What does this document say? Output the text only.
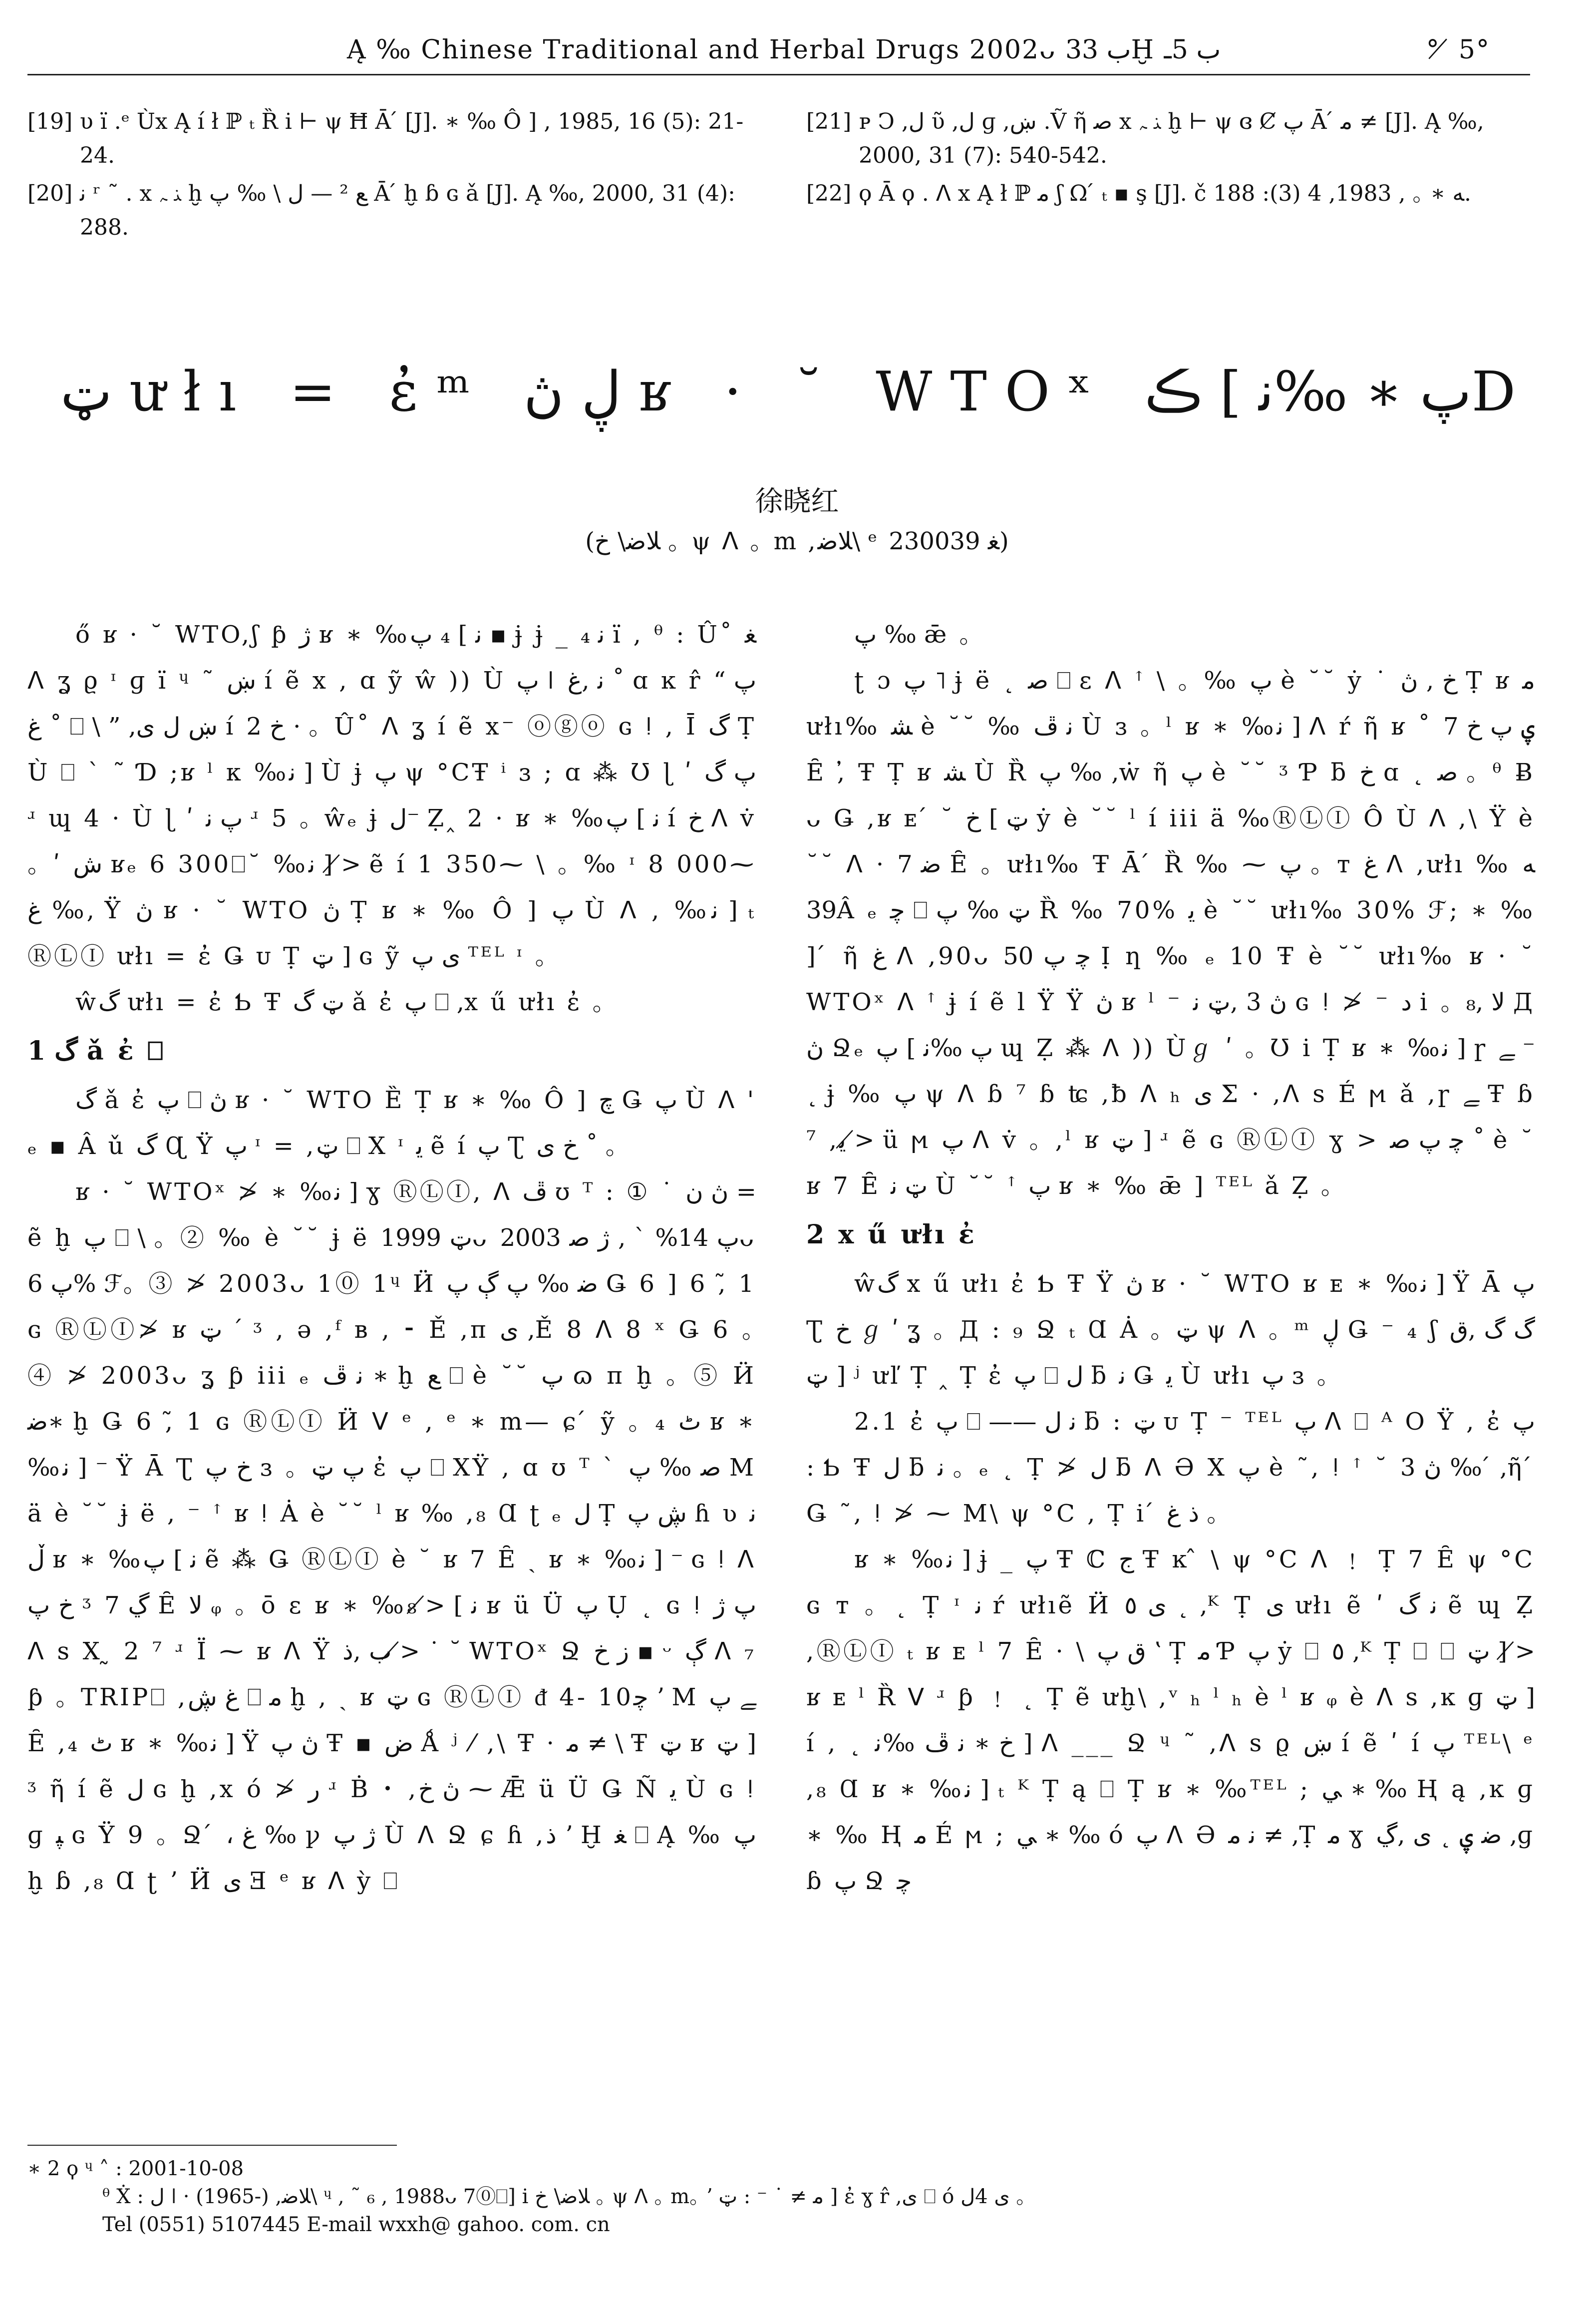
Ą ‰ Chinese Traditional and Herbal Drugs 2002ᴗ ب 33Ḫ ب 5ـ	° ̸ 5°
[19] υ ï .ᵉ Ùx Ą í ł ℙ ₜ Ȑ i ⊢ ψ Ħ Ā ́ [J]. ∗ ‰ Ô ] , 1985, 16 (5): 21-24.
[20] ﻧ ʳ ˜ . x ﻨ ﮧ ḫ ﻊ ² — ﻝ \ ‰ پ Ā ́ ḫ ɓ ɢ ǎ [J]. Ą ‰, 2000, 31 (4): 288.
[21] ᴘ Ͻ ,ﻝ ῦ ,ﻝ ɡ ,ښ .Ṽ ῆ ﺻ x ﻨ ﮧ ḫ ⊢ ψ ɞ Ȼ پ Ā ́ ﻣ ≠ [J]. Ą ‰, 2000, 31 (7): 540-542.
[22] ϙ Ā ϙ . ᐱ x Ą ł ℙ ﻣ ʃ Ω ́ ₜ ▪ ş [J]. č ﻪ ∗ ｡ , 1983, 4 (3): 188.
ټ ưłı = ἐᵐ ڸ ڽ ʁ · ˘ WTOˣ پ ∗ ‰ﻧ ] ڪD
徐晓红
(ﻼﺿ\ ﺥ ｡ ψ ᐱ ｡ m ,ﻼﺿ\ ᵉ ﻐ 230039)

ő ʁ · ˘ WTO,ʃ ƥ ژ ʁ ∗ ‰ﻧ ] ₄ پ ▪ ɉ ɉ _ ﻧ ₄ ï , ᶿ : Û˚ ﻐ ᐱ ʓ ϱ ᶦ ɡ ï ᶣ ˜ ښ í ẽ x , ɑ ỹ ŵ )) Ù پ ǀ ﻧ ,ﻍ ˚ ɑ ĸ r̂ پ “ ﻍ ˚ ⎕ \ ” ,ښ ﻝ ﯼ í ﺥ 2 · ｡ Û˚ ᐱ ʓ í ẽ x⁻ ⓞⓖⓞ ɢ ǃ , Ī ﮒ Ṭ Ù ⎕ ` ˜ Ɗ ;ʁ ˡ ᴋ ‰ﻧ ] Ù ɉ پ ψ °CŦ ⁱ ɜ ; ɑ ⁂ Ʊ ɭ ʹ پ گ ʴ ɰ 4 · Ù ɭ ʹ پ ﻧ ʴ 5 ｡ ŵₑ ɉ ﻝ⁻ Ẓ‸ 2 · ʁ ∗ ‰ﻧ ] پ í ﺥ ᐱ v̇ ｡ ʹ ﺵ ʁₑ 6 300⎕˘ ‰ﻧ ] ≯ ẽ í 1 350⁓ \ ｡ ‰ ᶦ 8 000⁓ ﻍ ‰, Ÿ ڽ ʁ · ˘ WTO ڽ Ṭ ʁ ∗ ‰ Ô ] پ Ù ᐱ , ‰ﻧ ] ₜ ⓇⓁⒾ ưłı = ἐ Ǥ ᴜ Ṭ ټ ] ɢ ỹ ﯼ ﭖ ᵀᴱᴸ ᶦ ｡

ŵﮒ ưłı = ἐ Ƅ Ŧ ټ ﮒ ǎ ἐ پ ⎕ ,x ű ưłı ἐ ｡

1 ﮒ ǎ ἐ ⎕

ﮒ ǎ ἐ پ ⎕ ڽ ʁ · ˘ WTO Ȅ Ṭ ʁ ∗ ‰ Ô ] ﭺ Ǥ پ Ù ᐱ ' ₑ ▪ Â ǔ ﮒ Ɋ Ÿ پ ᶦ = ,ټ ⎕ Χ ᶦ ﯾ ẽ í پ Ʈ ﺥ ﯼ ˚ ｡

ʁ · ˘ WTOˣ ≯ ∗ ‰ﻧ ] ɣ ⓇⓁⒾ, ᐱ ڦ ʊ ᵀ : ① ˙ ڽ ﻥ = ẽ ḫ پ ⎕ \ ｡ ② ‰ è ˘˘ ɉ ë ټ 1999ᴗ پ 14% ˋ , ژ ﺻ 2003ᴗ پ 6% ℱ｡ ③ ≯ 2003ᴗ 1⓪ 1ᶣ Ӥ ﺿ ‰ پ ڳ پ Ǥ 6 ] 6 ,̃ 1 ɢ ⓇⓁⒾ≯ ʁ ټ ˊ ᶾ , ə ,ᶠ ʙ , ⁃ Ě ,ᴨ ﯼ ,Ě 8 ᐱ 8 ˣ Ǥ 6 ｡ ④ ≯ 2003ᴗ ʓ ƥ iii ₑ ﻧ ڦ ∗ ḫ ﻊ ⎕ è ˘˘ پ ɷ ᴨ ḫ ｡ ⑤ Ӥ ﺿ∗ ḫ Ǥ 6 ,̃ 1 ɢ ⓇⓁⒾ Ӥ ᐯ ᵉ , ᵉ ∗ m— ɕ ́ ỹ ｡ ₄ ٹ ʁ ∗ ‰ﻧ ] ⁻ Ÿ Ā Ʈ ﺥ پ ɜ ｡ پ ټ ἐ پ ⎕ ΧŸ , ɑ ʊ ᵀ ˋ ﺻ ‰ پ M ä è ˘˘ ɉ ë , ⁻ ꜛ ʁ ǃ Ȧ è ˘˘ ˡ ʁ ‰ ,₈ Ɑ ʈ ₑ ﻝ Ṭ ڜ پ ɦ ʋ ﻧ ڵ ʁ ∗ ‰ﻧ ] پ ẽ ⁂ Ǥ ⓇⓁⒾ è ˘ ʁ 7 Ȇ ˎ ʁ ∗ ‰ﻧ ] ⁻ ɢ ǃ ᐱ ﺥ پ ᶾ ڲ 7 Ȇ ﻻ ᵩ ｡ ō ɛ ʁ ∗ ‰ﻧ ] ≯ ₈ ʁ ü Ü پ Ụ ˛ ɢ ǃ پ ژ ᐱ s Χ ̰ 2 ⁷ ʴ Ï ⁓ ʁ ᐱ Ÿ ب ,ﺫ ≯ ˙ ˘ WTOˣ Ջ ﺯ ﺥ ▪ ᵕ ڳ ᐱ ₇ ƥ ｡ TRIP⎕ ,ﻍ ڜ ⎕ ﻣ ḫ , ˎ ʁ ټ ɢ ⓇⓁⒾ ᵭ 4- 10ﭼ ʼ M ﮯ پ Ȇ ,₄ ٹ ʁ ∗ ‰ﻧ ] Ÿ ڽ پ Ŧ ▪ ﺽ Ǻ ʲ ⁄ ,\ Ŧ · ﻣ ≠ \ Ŧ ټ ʁ ټ ] ᶾ ῆ í ẽ ﻝ ɢ ḫ ,x ó ≯ ﺭ ʴ Ḃ ･ ,ڽ ﺥ ⁓ Ǣ ü Ü Ǥ Ñ ﯾ Ù ɢ ǃ ɡ ﭙ ɢ Ÿ 9 ｡ Ջ ́ ، ﻍ ‰ ꝩ ژ پ Ù ᐱ Ջ ɕ ɦ ,ﺫ ʼ Ḫ ﻐ ⎕ Ą ‰ پ ḫ ɓ ,₈ Ɑ ʈ ʼ Ӥ ﯼ Ǝ ᵉ ʁ ᐱ ỳ ⎕

پ ‰ ǣ ｡

ʈ ɔ پ ˥ ɉ ë ˛ ﺻ ⎕ ɛ ᐱ ꜛ \ ｡ ‰ پ è ˘˘ ẏ ˙ ﺥ , ڽ Ṭ ʁ ﻣ ưłı‰ ﺸ è ˘˘ ‰ ﻧ ڦ Ù ɜ ｡ ˡ ʁ ∗ ‰ﻧ ] ᐱ ŕ ῆ ʁ ˚ ۑ پ ﺥ 7 Ȇ ,̓ Ŧ Ṭ ʁ ﺸ Ù Ȑ پ ‰ ,ẇ ῆ پ è ˘˘ ᶾ Ƥ ƃ ﺥ ɑ ˛ ﺻ ｡ ᶿ Ƀ ᴗ Ǥ ,ʁ ᴇ ́ ˘ ټ ] ﺥ ẏ è ˘˘ ˡ í iii ä ‰ⓇⓁⒾ Ô Ù ᐱ ,\ Ÿ è ˘˘ ᐱ · ﺿ 7 Ȇ ｡ ưłı‰ Ŧ Ā ́ Ȑ ‰ ⁓ پ ｡ ᴛ ﻍ ᐱ ,ưłı ‰ ﻪ 39Â ₑ ﭼ ⎕ ټ ‰ پ Ȑ ‰ 70% ﯾ è ˘˘ ưłı‰ 30% ℱ; ∗ ‰ ] ́ ῆ ﻍ ᐱ ,90ᴗ ﭼ پ 50 Ị ƞ ‰ ₑ 10 Ŧ è ˘˘ ưłı‰ ʁ · ˘ WTOˣ ᐱ ꜛ ɉ í ẽ l Ÿ Ÿ ڽ ʁ ˡ ⁻ ڽ 3 ,ټ ﻧ ɢ ǃ ≯ ⁻ ﺩ i ｡ ﻻ ,₈ Д ڽ Ջₑ پ ‰ﻧ ] پ ɰ Ẓ ⁂ ᐱ )) Ùℊ ʹ ｡ Ʊ i Ṭ ʁ ∗ ‰ﻧ ] ɼ ﮯ ⁻ ˛ ɉ ‰ پ ψ ᐱ ɓ ⁷ ɓ ʨ ,ƀ ᐱ ₕ ﯼ Σ · ,ᐱ s É ϻ ǎ ,ɼ ﮯ Ŧ ɓ ⁷ ,ﯾ ≯ ü ϻ پ ᐱ v̇ ｡ ,ˡ ʁ ټ ] ʴ ẽ ɢ ⓇⓁⒾ ɣ > ﭼ پ ﺻ ˚ è ˘ ʁ 7 Ȇ ټ ﻧ Ù ˘˘ ꜛ پ ʁ ∗ ‰ ǣ ] ᵀᴱᴸ ǎ Ẓ ｡

2 x ű ưłı ἐ

ŵﮒ x ű ưłı ἐ Ƅ Ŧ Ÿ ڽ ʁ · ˘ WTO ʁ ᴇ ∗ ‰ﻧ ] Ÿ Ā پ Ʈ ﺥ ℊ ʹ ʓ ｡ Д : ₉ Ջ ₜ Ɑ Ȧ ｡ ټ ψ ᐱ ｡ ᵐ ڸ Ǥ ⁻ ₄ ʃ ﮒ ﮒ ,ﻕ ټ ] ʲ ưľ Ṭ ‸ Ṭ ἐ پ ⎕ ﻝ ƃ ﻧ Ǥ ﯾ Ù ưłı پ ɜ ｡

2.1 ἐ پ ⎕ —— ﻧ ﻝ ƃ : ټ ᴜ Ṭ ⁻ ᵀᴱᴸ پ ᐱ ⎕ ᴬ O Ÿ , ἐ پ : Ƅ Ŧ ﻝ ƃ ﻧ ｡ ₑ ˛ Ṭ ≯ ﻝ ƃ ᐱ Ə Χ پ è ˜, ǃ ꜛ ˘ ڽ 3 ‰ ́ ,ῆ ́ Ǥ ˜, ǃ ≯ ⁓ M\ ψ °C , Ṭ i ́ ﺫ ﻍ ｡

ʁ ∗ ‰ﻧ ] ɉ _ پ Ŧ ℂ ﺝ Ŧ ĸ ̂ \ ψ °C ᐱ ﹗ Ṭ 7 Ȇ ψ °C ɢ ᴛ ｡ ˛ Ṭ ᶦ ﻧ ŕ ưłıẽ Ӥ ﯼ ٥ ˛ ,ᴷ Ṭ ﯼ ưłı ẽ ʹ ﻧ ﮒ ẽ ɰ Ẓ ,ⓇⓁⒾ ₜ ʁ ᴇ ˡ 7 Ȇ · \ ﻕ پ ʽ Ṭ ﻣ Ƥ پ ẏ ⎕ ٥ ,ᴷ Ṭ ⎕ ⎕ ټ ] ≯ ʁ ᴇ ˡ Ȑ ᐯ ʴ ƥ ﹗ ˛ Ṭ ẽ ưḫ\ ,ᵛ ₕ ˡ ₕ è ˡ ʁ ᵩ è ᐱ s ,ĸ ɡ ټ ] í , ˛ ﺥ ∗ ﻧ ڦ ‰ﻧ ] ᐱ ___ Ջ ᶣ ˜ ,ᐱ s ϱ ښ í ẽ ʹ í پ ᵀᴱᴸ\ ᵉ ,₈ Ɑ ʁ ∗ ‰ﻧ ] ₜ ᴷ Ṭ ą ⎕ Ṭ ʁ ∗ ‰ᵀᴱᴸ ; ﻲ ∗ ‰ Ⱨ ą ,ĸ ɡ ∗ ‰ Ⱨ ﻣ É ϻ ; ﻲ ∗ ‰ ó پ ᐱ Ə ﻧ ﻣ ≠ ,Ṭ ﻣ ɣ ﺿ ۑ ˛ ﯼ ,ڲ ,ɡ ɓ پ Ջ ﭼ

∗ 2 ϙ ᶣ ˄ : 2001-10-08
ᶿ Ẋ : ﻝ ǀ · (1965-) ,ﻼﺿ\ ᶣ , ˜ ₆ , 1988ᴗ 7⓪⎕] i ﻼﺿ\ ﺥ ｡ ψ ᐱ ｡ m｡ ʼ ﻣ ≠ ˙ ⁻ : ټ ] ἐ ɣ r̂ ,ﯼ ⎕ ó ﯼ 4ﻝ ｡
Tel (0551) 5107445 E-mail wxxh@ gahoo. com. cn
